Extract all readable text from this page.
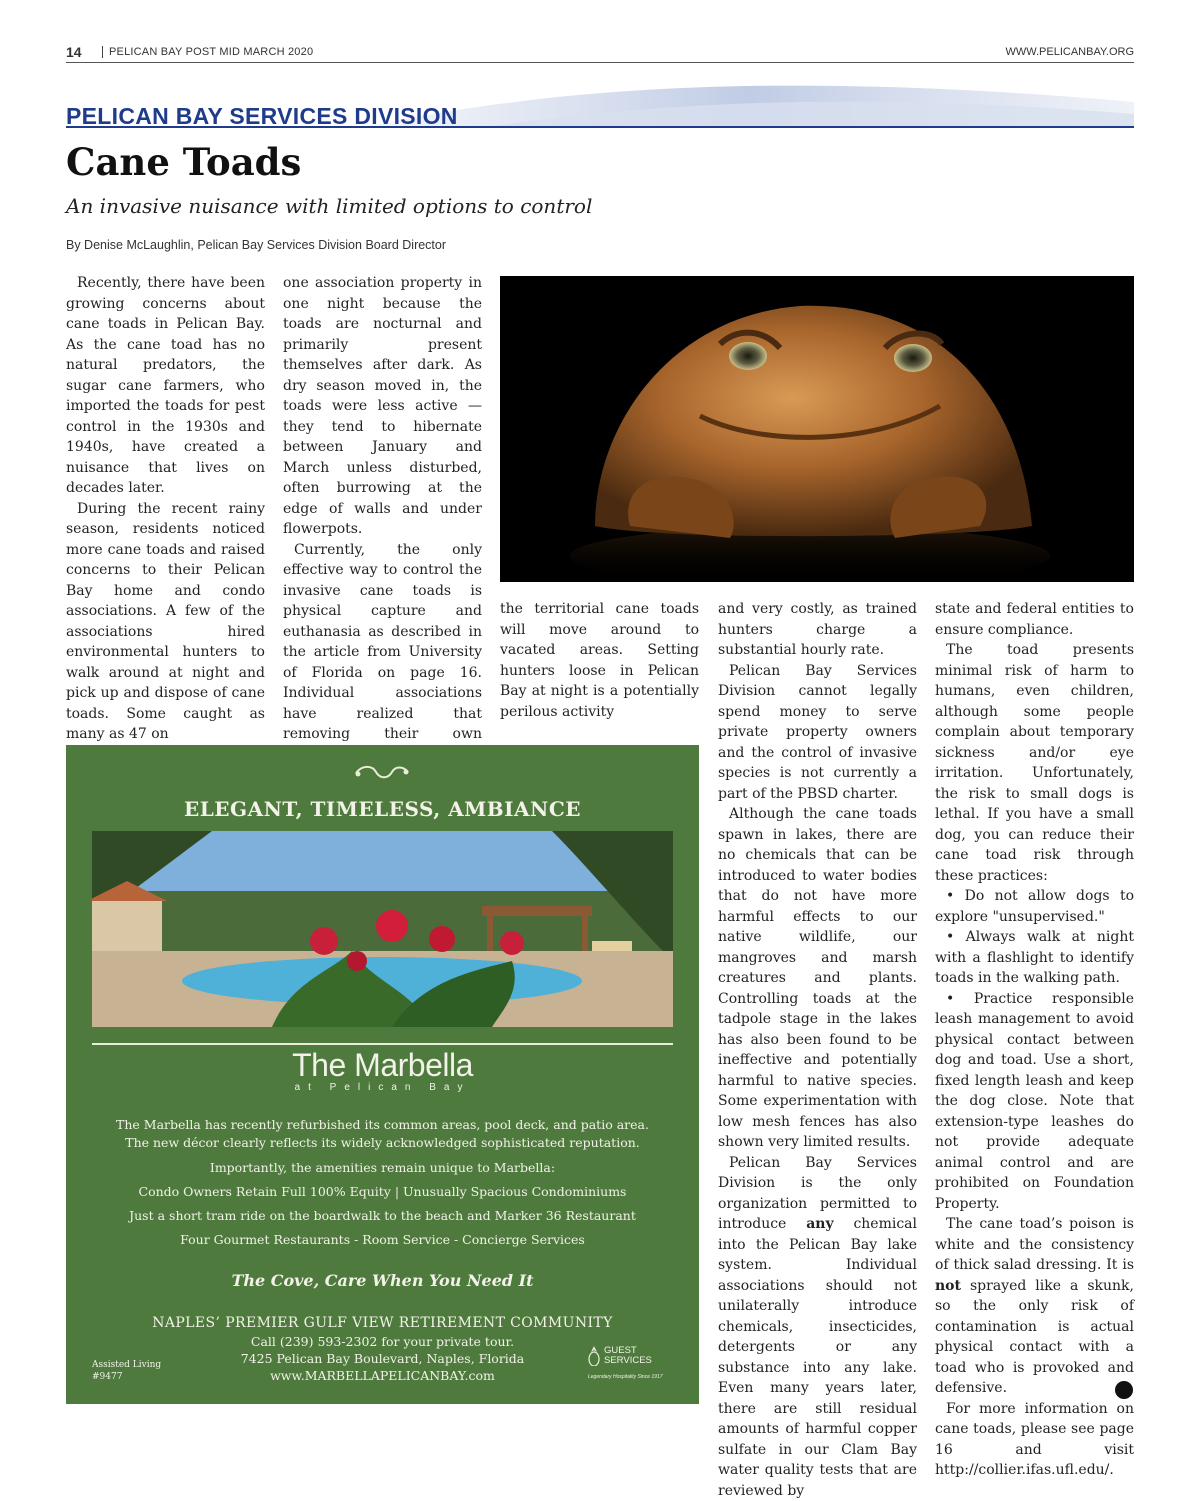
14	PELICAN BAY POST MID MARCH 2020	WWW.PELICANBAY.ORG
PELICAN BAY SERVICES DIVISION
Cane Toads
An invasive nuisance with limited options to control
By Denise McLaughlin, Pelican Bay Services Division Board Director

Recently, there have been growing concerns about cane toads in Pelican Bay. As the cane toad has no natural predators, the sugar cane farmers, who imported the toads for pest control in the 1930s and 1940s, have created a nuisance that lives on decades later.

During the recent rainy season, residents noticed more cane toads and raised concerns to their Pelican Bay home and condo associations. A few of the associations hired environmental hunters to walk around at night and pick up and dispose of cane toads. Some caught as many as 47 on

one association property in one night because the toads are nocturnal and primarily present themselves after dark. As dry season moved in, the toads were less active — they tend to hibernate between January and March unless disturbed, often burrowing at the edge of walls and under flowerpots.

Currently, the only effective way to control the invasive cane toads is physical capture and euthanasia as described in the article from University of Florida on page 16. Individual associations have realized that removing their own

the territorial cane toads will move around to vacated areas. Setting hunters loose in Pelican Bay at night is a potentially perilous activity

and very costly, as trained hunters charge a substantial hourly rate.

Pelican Bay Services Division cannot legally spend money to serve private property owners and the control of invasive species is not currently a part of the PBSD charter.

Although the cane toads spawn in lakes, there are no chemicals that can be introduced to water bodies that do not have more harmful effects to our native wildlife, our mangroves and marsh creatures and plants. Controlling toads at the tadpole stage in the lakes has also been found to be ineffective and potentially harmful to native species. Some experimentation with low mesh fences has also shown very limited results.

Pelican Bay Services Division is the only organization permitted to introduce any chemical into the Pelican Bay lake system. Individual associations should not unilaterally introduce chemicals, insecticides, detergents or any substance into any lake. Even many years later, there are still residual amounts of harmful copper sulfate in our Clam Bay water quality tests that are reviewed by

state and federal entities to ensure compliance.

The toad presents minimal risk of harm to humans, even children, although some people complain about temporary sickness and/or eye irritation. Unfortunately, the risk to small dogs is lethal. If you have a small dog, you can reduce their cane toad risk through these practices:

• Do not allow dogs to explore "unsupervised."

• Always walk at night with a flashlight to identify toads in the walking path.

• Practice responsible leash management to avoid physical contact between dog and toad. Use a short, fixed length leash and keep the dog close. Note that extension-type leashes do not provide adequate animal control and are prohibited on Foundation Property.

The cane toad’s poison is white and the consistency of thick salad dressing. It is not sprayed like a skunk, so the only risk of contamination is actual physical contact with a toad who is provoked and defensive.

For more information on cane toads, please see page 16 and visit http://collier.ifas.ufl.edu/.

ELEGANT, TIMELESS, AMBIANCE
The Marbella
at Pelican Bay
The Marbella has recently refurbished its common areas, pool deck, and patio area.
The new décor clearly reflects its widely acknowledged sophisticated reputation.
Importantly, the amenities remain unique to Marbella:
Condo Owners Retain Full 100% Equity | Unusually Spacious Condominiums
Just a short tram ride on the boardwalk to the beach and Marker 36 Restaurant
Four Gourmet Restaurants - Room Service - Concierge Services
The Cove, Care When You Need It
NAPLES’ PREMIER GULF VIEW RETIREMENT COMMUNITY
Call (239) 593-2302 for your private tour.
7425 Pelican Bay Boulevard, Naples, Florida
www.MARBELLAPELICANBAY.com
Assisted Living
#9477
GUEST
SERVICES
Legendary Hospitality Since 1917
